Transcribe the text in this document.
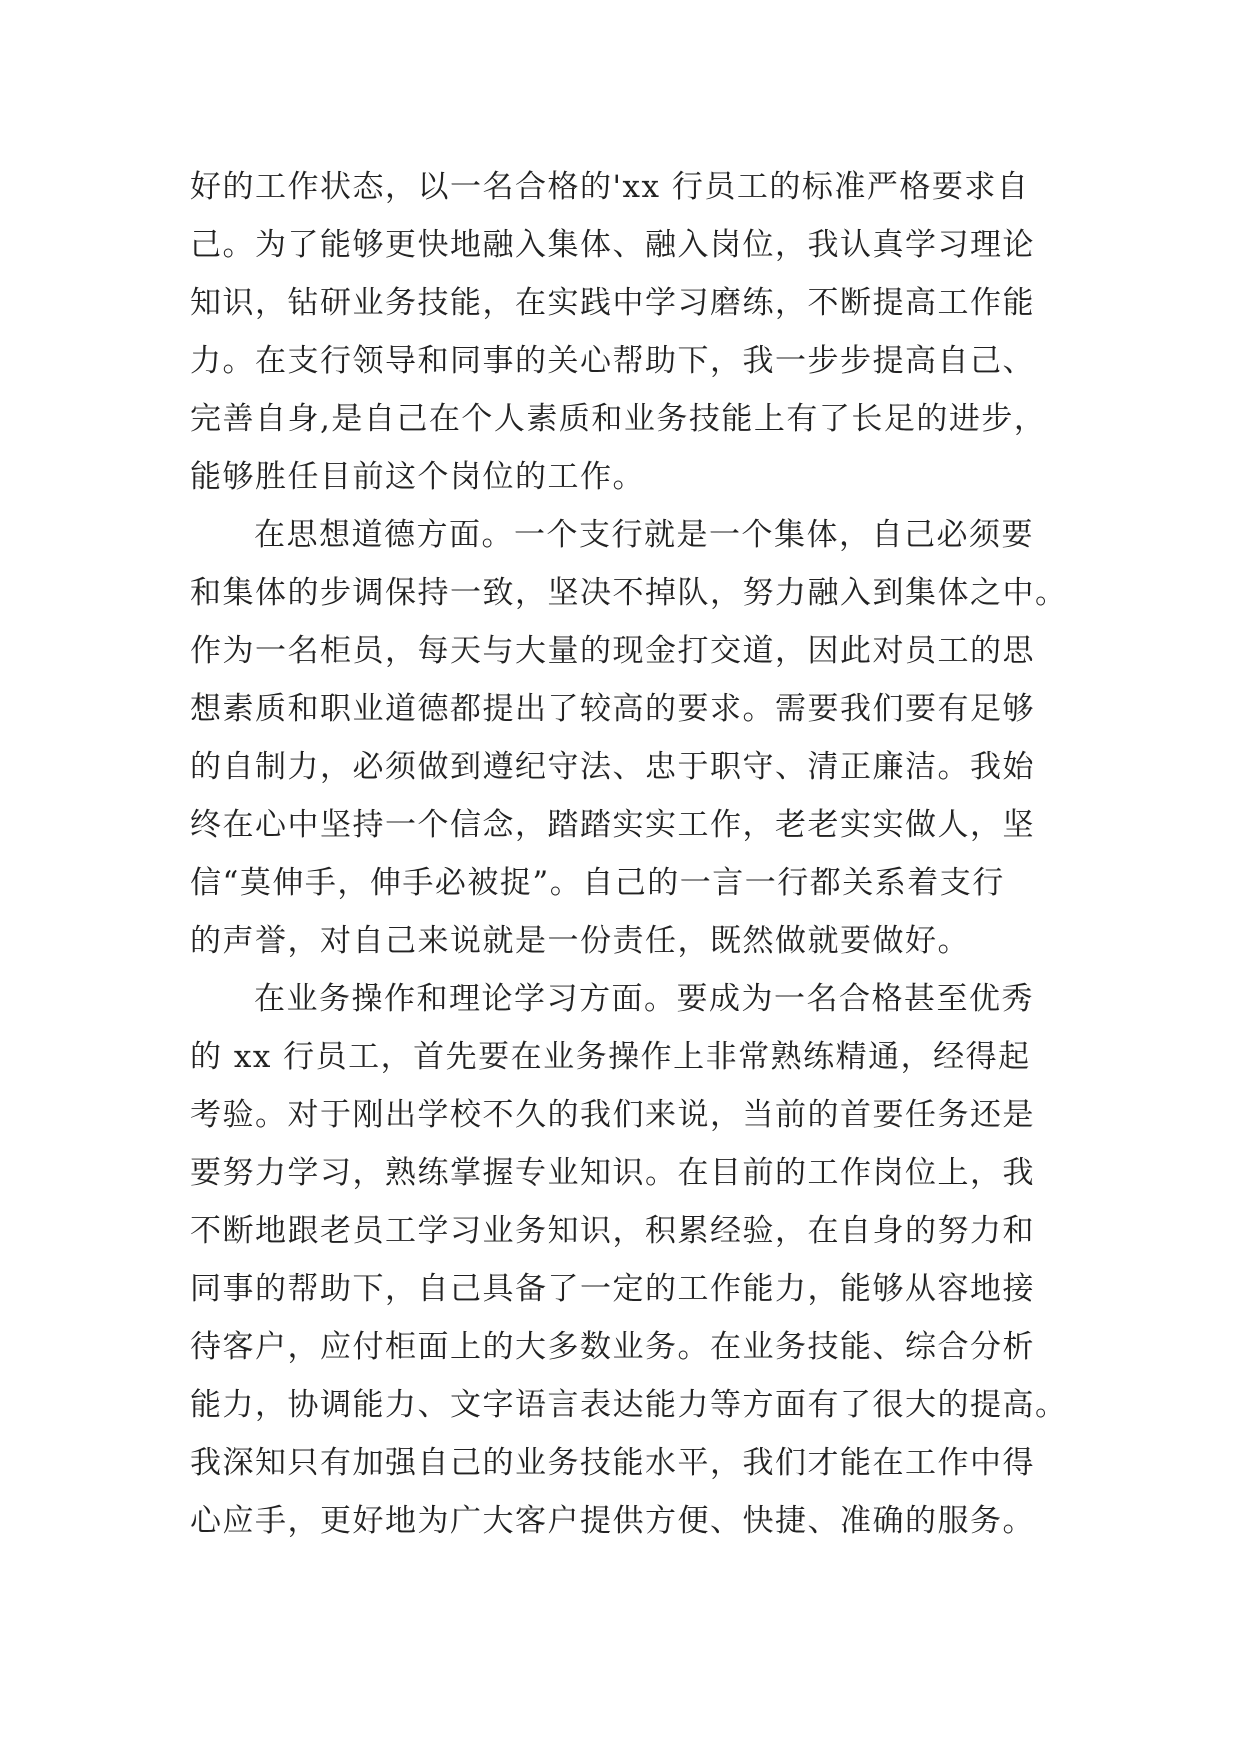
好的工作状态，以一名合格的'xx 行员工的标准严格要求自
己。为了能够更快地融入集体、融入岗位，我认真学习理论
知识，钻研业务技能，在实践中学习磨练，不断提高工作能
力。在支行领导和同事的关心帮助下，我一步步提高自己、
完善自身,是自己在个人素质和业务技能上有了长足的进步，
能够胜任目前这个岗位的工作。
在思想道德方面。一个支行就是一个集体，自己必须要
和集体的步调保持一致，坚决不掉队，努力融入到集体之中。
作为一名柜员，每天与大量的现金打交道，因此对员工的思
想素质和职业道德都提出了较高的要求。需要我们要有足够
的自制力，必须做到遵纪守法、忠于职守、清正廉洁。我始
终在心中坚持一个信念，踏踏实实工作，老老实实做人，坚
信“莫伸手，伸手必被捉”。自己的一言一行都关系着支行
的声誉，对自己来说就是一份责任，既然做就要做好。
在业务操作和理论学习方面。要成为一名合格甚至优秀
的 xx 行员工，首先要在业务操作上非常熟练精通，经得起
考验。对于刚出学校不久的我们来说，当前的首要任务还是
要努力学习，熟练掌握专业知识。在目前的工作岗位上，我
不断地跟老员工学习业务知识，积累经验，在自身的努力和
同事的帮助下，自己具备了一定的工作能力，能够从容地接
待客户，应付柜面上的大多数业务。在业务技能、综合分析
能力，协调能力、文字语言表达能力等方面有了很大的提高。
我深知只有加强自己的业务技能水平，我们才能在工作中得
心应手，更好地为广大客户提供方便、快捷、准确的服务。
